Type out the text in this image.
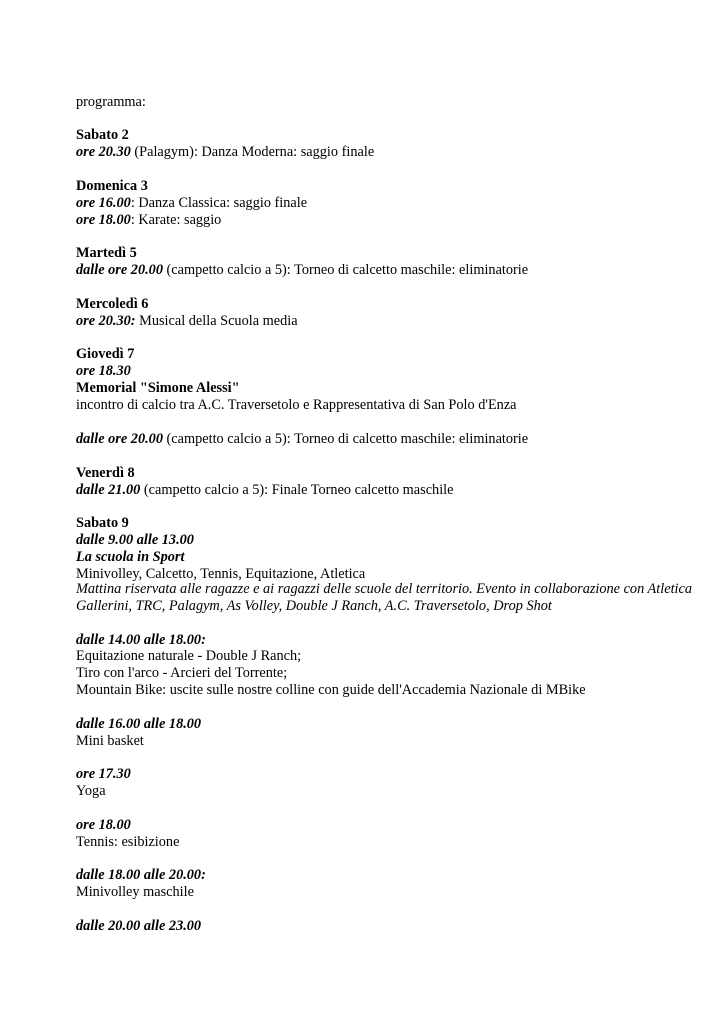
programma:
Sabato 2
ore 20.30 (Palagym): Danza Moderna: saggio finale
Domenica 3
ore 16.00: Danza Classica: saggio finale
ore 18.00: Karate: saggio
Martedì 5
dalle ore 20.00 (campetto calcio a 5): Torneo di calcetto maschile: eliminatorie
Mercoledì 6
ore 20.30: Musical della Scuola media
Giovedì 7
ore 18.30
Memorial "Simone Alessi"
incontro di calcio tra A.C. Traversetolo e Rappresentativa di San Polo d'Enza
dalle ore 20.00 (campetto calcio a 5): Torneo di calcetto maschile: eliminatorie
Venerdì 8
dalle 21.00 (campetto calcio a 5): Finale Torneo calcetto maschile
Sabato 9
dalle 9.00 alle 13.00
La scuola in Sport
Minivolley, Calcetto, Tennis, Equitazione, Atletica
Mattina riservata alle ragazze e ai ragazzi delle scuole del territorio. Evento in collaborazione con Atletica
Gallerini, TRC, Palagym, As Volley, Double J Ranch, A.C. Traversetolo, Drop Shot
dalle 14.00 alle 18.00:
Equitazione naturale - Double J Ranch;
Tiro con l'arco - Arcieri del Torrente;
Mountain Bike: uscite sulle nostre colline con guide dell'Accademia Nazionale di MBike
dalle 16.00 alle 18.00
Mini basket
ore 17.30
Yoga
ore 18.00
Tennis: esibizione
dalle 18.00 alle 20.00:
Minivolley maschile
dalle 20.00 alle 23.00
